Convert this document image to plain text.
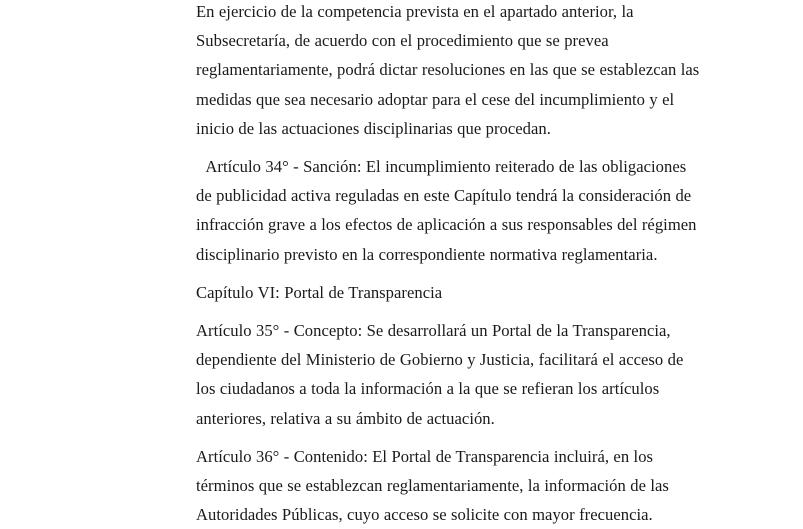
En ejercicio de la competencia prevista en el apartado anterior, la Subsecretaría, de acuerdo con el procedimiento que se prevea reglamentariamente, podrá dictar resoluciones en las que se establezcan las medidas que sea necesario adoptar para el cese del incumplimiento y el inicio de las actuaciones disciplinarias que procedan.

Artículo 34° - Sanción: El incumplimiento reiterado de las obligaciones de publicidad activa reguladas en este Capítulo tendrá la consideración de infracción grave a los efectos de aplicación a sus responsables del régimen disciplinario previsto en la correspondiente normativa reglamentaria.

Capítulo VI: Portal de Transparencia

Artículo 35° - Concepto: Se desarrollará un Portal de la Transparencia, dependiente del Ministerio de Gobierno y Justicia, facilitará el acceso de los ciudadanos a toda la información a la que se refieran los artículos anteriores, relativa a su ámbito de actuación.

Artículo 36° - Contenido: El Portal de Transparencia incluirá, en los términos que se establezcan reglamentariamente, la información de las Autoridades Públicas, cuyo acceso se solicite con mayor frecuencia.
